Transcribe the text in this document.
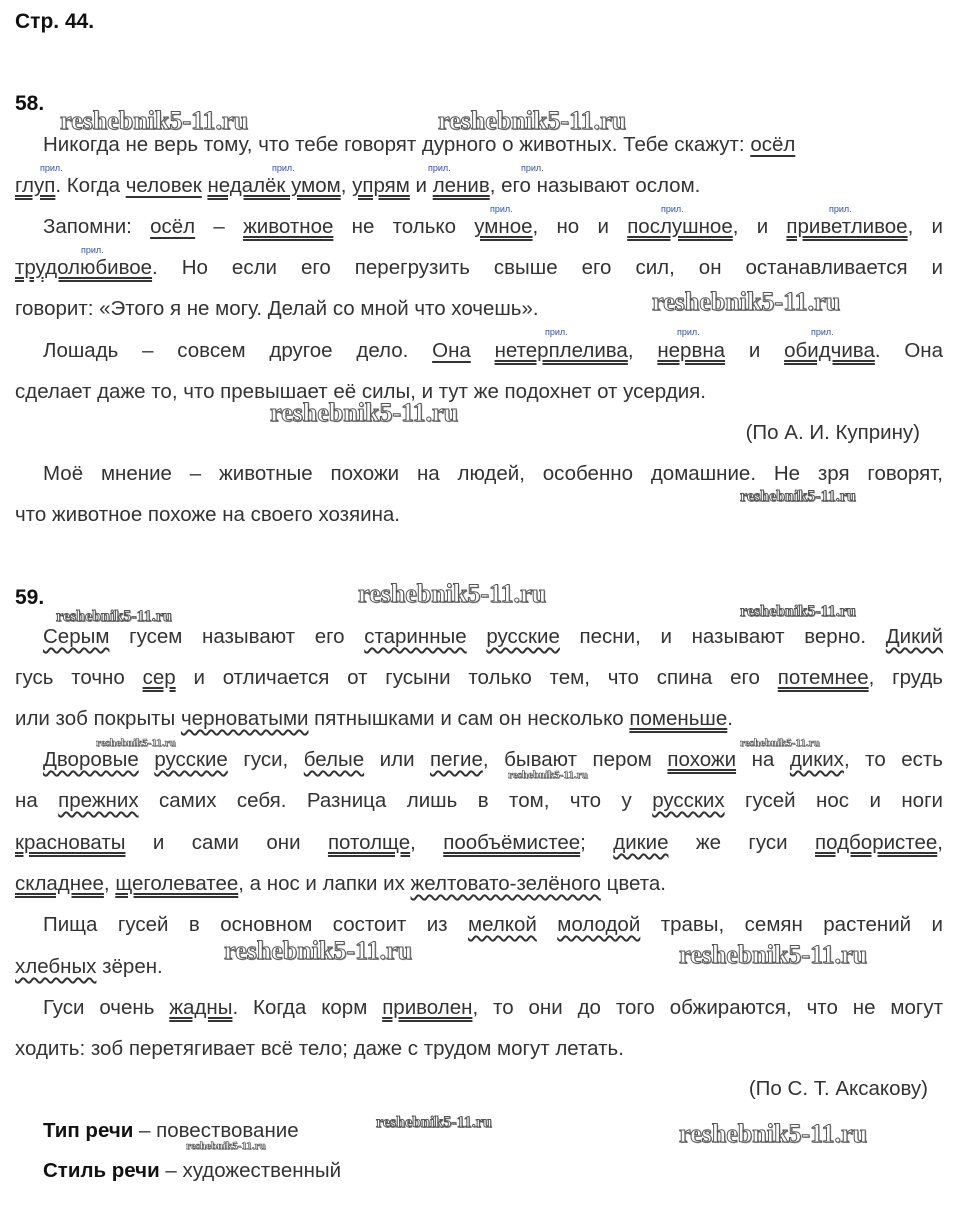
Стр. 44.
58.
Никогда не верь тому, что тебе говорят дурного о животных. Тебе скажут: осёл
глуп. Когда человек недалёк умом, упрям и ленив, его называют ослом.
Запомни: осёл – животное не только умное, но и послушное, и приветливое, и
трудолюбивое. Но если его перегрузить свыше его сил, он останавливается и
говорит: «Этого я не могу. Делай со мной что хочешь».
Лошадь – совсем другое дело. Она нетерплелива, нервна и обидчива. Она
сделает даже то, что превышает её силы, и тут же подохнет от усердия.
(По А. И. Куприну)
Моё мнение – животные похожи на людей, особенно домашние. Не зря говорят,
что животное похоже на своего хозяина.
прил.	прил.	прил.	прил.
прил.	прил.	прил.
прил.
прил.	прил.	прил.
59.
Серым гусем называют его старинные русские песни, и называют верно. Дикий
гусь точно сер и отличается от гусыни только тем, что спина его потемнее, грудь
или зоб покрыты черноватыми пятнышками и сам он несколько поменьше.
Дворовые русские гуси, белые или пегие, бывают пером похожи на диких, то есть
на прежних самих себя. Разница лишь в том, что у русских гусей нос и ноги
красноваты и сами они потолще, пообъёмистее; дикие же гуси подбористее,
складнее, щеголеватее, а нос и лапки их желтовато-зелёного цвета.
Пища гусей в основном состоит из мелкой молодой травы, семян растений и
хлебных зёрен.
Гуси очень жадны. Когда корм приволен, то они до того обжираются, что не могут
ходить: зоб перетягивает всё тело; даже с трудом могут летать.
(По С. Т. Аксакову)
Тип речи – повествование
Стиль речи – художественный
reshebnik5-11.ru	reshebnik5-11.ru
reshebnik5-11.ru
reshebnik5-11.ru
reshebnik5-11.ru
reshebnik5-11.ru
reshebnik5-11.ru	reshebnik5-11.ru
reshebnik5-11.ru	reshebnik5-11.ru
reshebnik5-11.ru
reshebnik5-11.ru	reshebnik5-11.ru
reshebnik5-11.ru	reshebnik5-11.ru
reshebnik5-11.ru
